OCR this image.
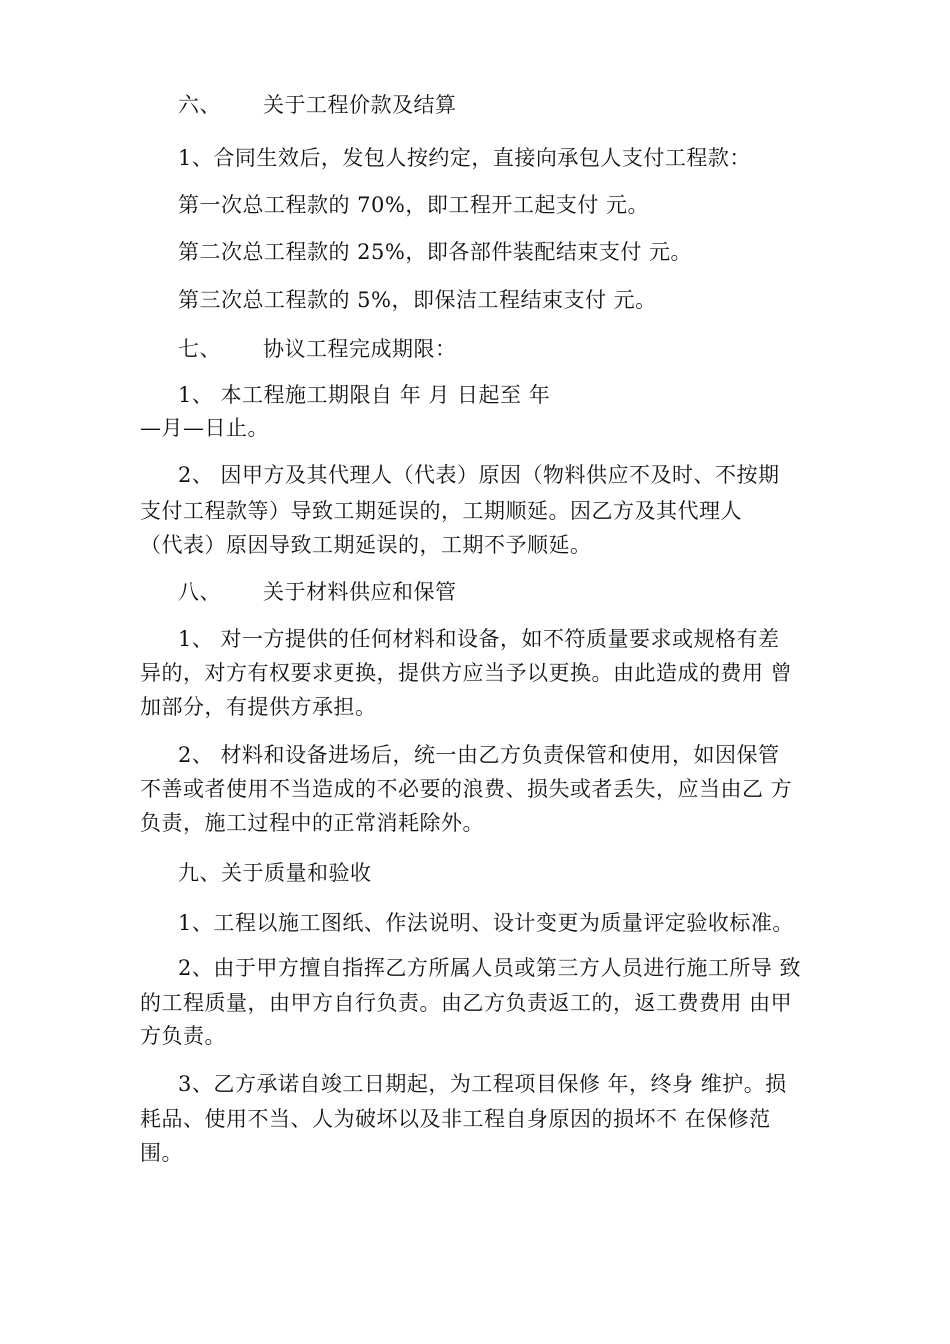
六、 关于工程价款及结算
1、合同生效后，发包人按约定，直接向承包人支付工程款：
第一次总工程款的 70%，即工程开工起支付 元。
第二次总工程款的 25%，即各部件装配结束支付 元。
第三次总工程款的 5%，即保洁工程结束支付 元。
七、 协议工程完成期限：
1、 本工程施工期限自 年 月 日起至 年
—月—日止。
2、 因甲方及其代理人（代表）原因（物料供应不及时、不按期
支付工程款等）导致工期延误的，工期顺延。因乙方及其代理人
（代表）原因导致工期延误的，工期不予顺延。
八、 关于材料供应和保管
1、 对一方提供的任何材料和设备，如不符质量要求或规格有差
异的，对方有权要求更换，提供方应当予以更换。由此造成的费用 曾
加部分，有提供方承担。
2、 材料和设备进场后，统一由乙方负责保管和使用，如因保管
不善或者使用不当造成的不必要的浪费、损失或者丢失，应当由乙 方
负责，施工过程中的正常消耗除外。
九、关于质量和验收
1、工程以施工图纸、作法说明、设计变更为质量评定验收标准。
2、由于甲方擅自指挥乙方所属人员或第三方人员进行施工所导 致
的工程质量，由甲方自行负责。由乙方负责返工的，返工费费用 由甲
方负责。
3、乙方承诺自竣工日期起，为工程项目保修 年，终身 维护。损
耗品、使用不当、人为破坏以及非工程自身原因的损坏不 在保修范
围。
